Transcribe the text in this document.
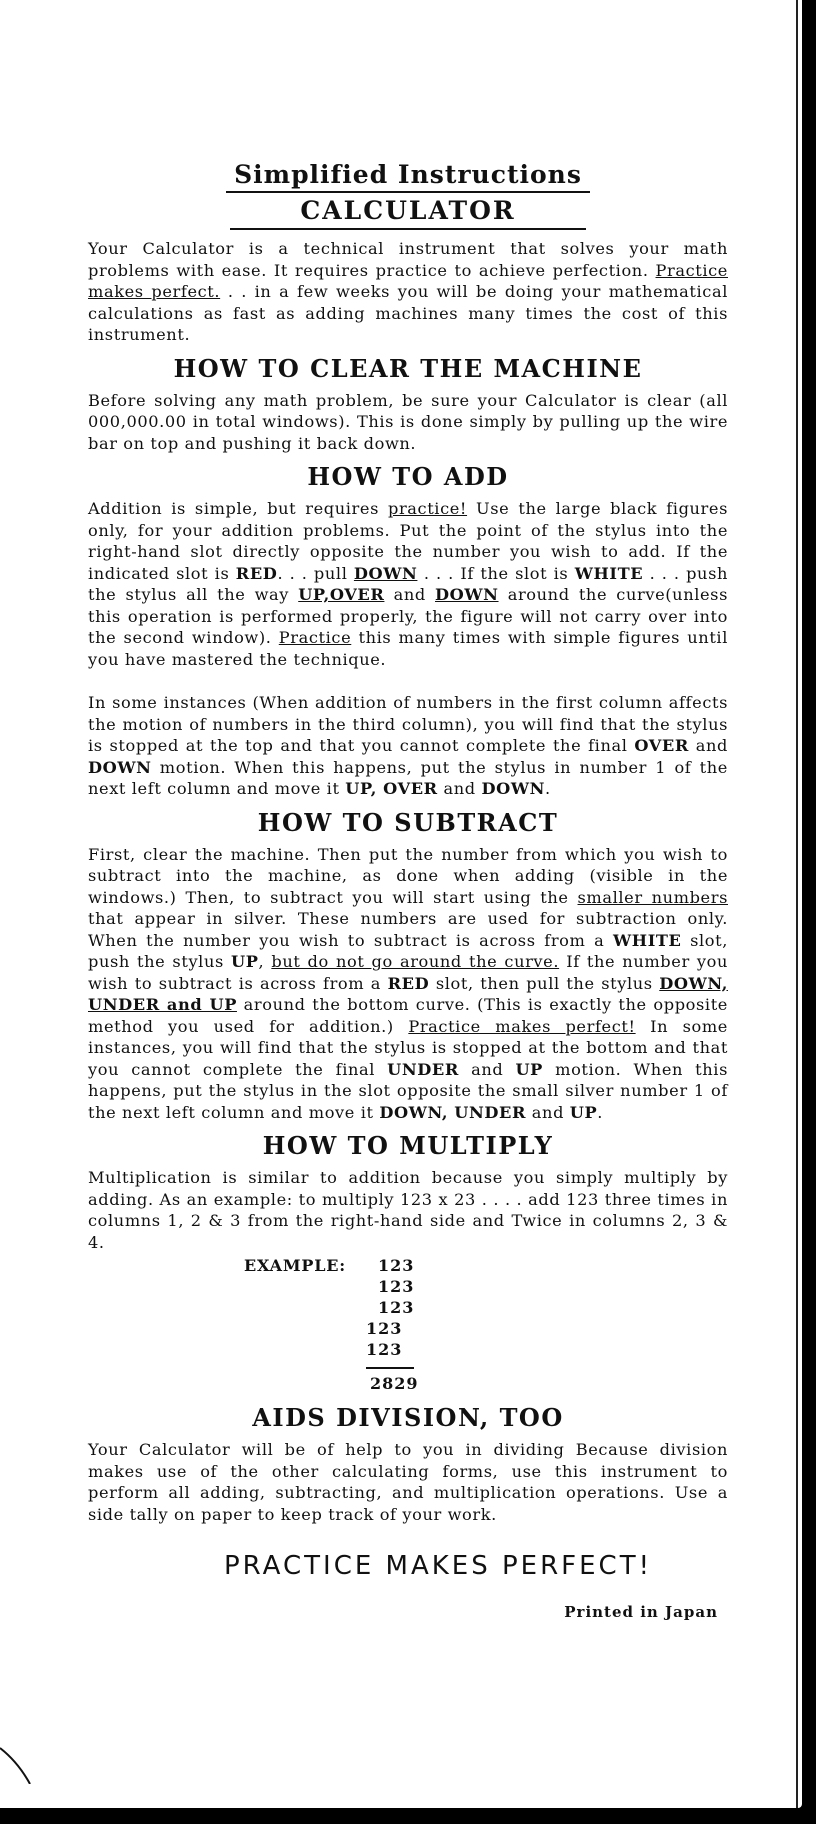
Simplified Instructions
CALCULATOR

Your Calculator is a technical instrument that solves your math problems with ease. It requires practice to achieve perfection. Practice makes perfect. . . in a few weeks you will be doing your mathematical calculations as fast as adding machines many times the cost of this instrument.

HOW TO CLEAR THE MACHINE

Before solving any math problem, be sure your Calculator is clear (all 000,000.00 in total windows). This is done simply by pulling up the wire bar on top and pushing it back down.

HOW TO ADD

Addition is simple, but requires practice! Use the large black figures only, for your addition problems. Put the point of the stylus into the right-hand slot directly opposite the number you wish to add. If the indicated slot is RED. . . pull DOWN . . . If the slot is WHITE . . . push the stylus all the way UP,OVER and DOWN around the curve(unless this operation is performed properly, the figure will not carry over into the second window). Practice this many times with simple figures until you have mastered the technique.

In some instances (When addition of numbers in the first column affects the motion of numbers in the third column), you will find that the stylus is stopped at the top and that you cannot complete the final OVER and DOWN motion. When this happens, put the stylus in number 1 of the next left column and move it UP, OVER and DOWN.

HOW TO SUBTRACT

First, clear the machine. Then put the number from which you wish to subtract into the machine, as done when adding (visible in the windows.) Then, to subtract you will start using the smaller numbers that appear in silver. These numbers are used for subtraction only. When the number you wish to subtract is across from a WHITE slot, push the stylus UP, but do not go around the curve. If the number you wish to subtract is across from a RED slot, then pull the stylus DOWN, UNDER and UP around the bottom curve. (This is exactly the opposite method you used for addition.) Practice makes perfect! In some instances, you will find that the stylus is stopped at the bottom and that you cannot complete the final UNDER and UP motion. When this happens, put the stylus in the slot opposite the small silver number 1 of the next left column and move it DOWN, UNDER and UP.

HOW TO MULTIPLY

Multiplication is similar to addition because you simply multiply by adding. As an example: to multiply 123 x 23 . . . . add 123 three times in columns 1, 2 & 3 from the right-hand side and Twice in columns 2, 3 & 4.

EXAMPLE: 123
123
123
123
123
2829
AIDS DIVISION, TOO

Your Calculator will be of help to you in dividing Because division makes use of the other calculating forms, use this instrument to perform all adding, subtracting, and multiplication operations. Use a side tally on paper to keep track of your work.

PRACTICE MAKES PERFECT!
Printed in Japan
